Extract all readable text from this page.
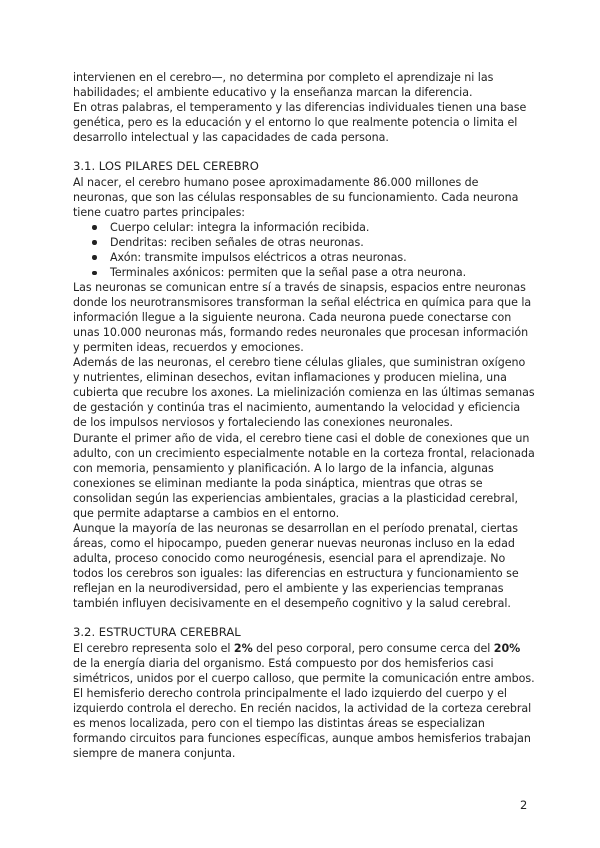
intervienen en el cerebro—, no determina por completo el aprendizaje ni las habilidades; el ambiente educativo y la enseñanza marcan la diferencia.

En otras palabras, el temperamento y las diferencias individuales tienen una base genética, pero es la educación y el entorno lo que realmente potencia o limita el desarrollo intelectual y las capacidades de cada persona.

3.1. LOS PILARES DEL CEREBRO

Al nacer, el cerebro humano posee aproximadamente 86.000 millones de neuronas, que son las células responsables de su funcionamiento. Cada neurona tiene cuatro partes principales:

Cuerpo celular: integra la información recibida.
Dendritas: reciben señales de otras neuronas.
Axón: transmite impulsos eléctricos a otras neuronas.
Terminales axónicos: permiten que la señal pase a otra neurona.

Las neuronas se comunican entre sí a través de sinapsis, espacios entre neuronas donde los neurotransmisores transforman la señal eléctrica en química para que la información llegue a la siguiente neurona. Cada neurona puede conectarse con unas 10.000 neuronas más, formando redes neuronales que procesan información y permiten ideas, recuerdos y emociones.

Además de las neuronas, el cerebro tiene células gliales, que suministran oxígeno y nutrientes, eliminan desechos, evitan inflamaciones y producen mielina, una cubierta que recubre los axones. La mielinización comienza en las últimas semanas de gestación y continúa tras el nacimiento, aumentando la velocidad y eficiencia de los impulsos nerviosos y fortaleciendo las conexiones neuronales.

Durante el primer año de vida, el cerebro tiene casi el doble de conexiones que un adulto, con un crecimiento especialmente notable en la corteza frontal, relacionada con memoria, pensamiento y planificación. A lo largo de la infancia, algunas conexiones se eliminan mediante la poda sináptica, mientras que otras se consolidan según las experiencias ambientales, gracias a la plasticidad cerebral, que permite adaptarse a cambios en el entorno.

Aunque la mayoría de las neuronas se desarrollan en el período prenatal, ciertas áreas, como el hipocampo, pueden generar nuevas neuronas incluso en la edad adulta, proceso conocido como neurogénesis, esencial para el aprendizaje. No todos los cerebros son iguales: las diferencias en estructura y funcionamiento se reflejan en la neurodiversidad, pero el ambiente y las experiencias tempranas también influyen decisivamente en el desempeño cognitivo y la salud cerebral.

3.2. ESTRUCTURA CEREBRAL

El cerebro representa solo el 2% del peso corporal, pero consume cerca del 20% de la energía diaria del organismo. Está compuesto por dos hemisferios casi simétricos, unidos por el cuerpo calloso, que permite la comunicación entre ambos. El hemisferio derecho controla principalmente el lado izquierdo del cuerpo y el izquierdo controla el derecho. En recién nacidos, la actividad de la corteza cerebral es menos localizada, pero con el tiempo las distintas áreas se especializan formando circuitos para funciones específicas, aunque ambos hemisferios trabajan siempre de manera conjunta.

2
